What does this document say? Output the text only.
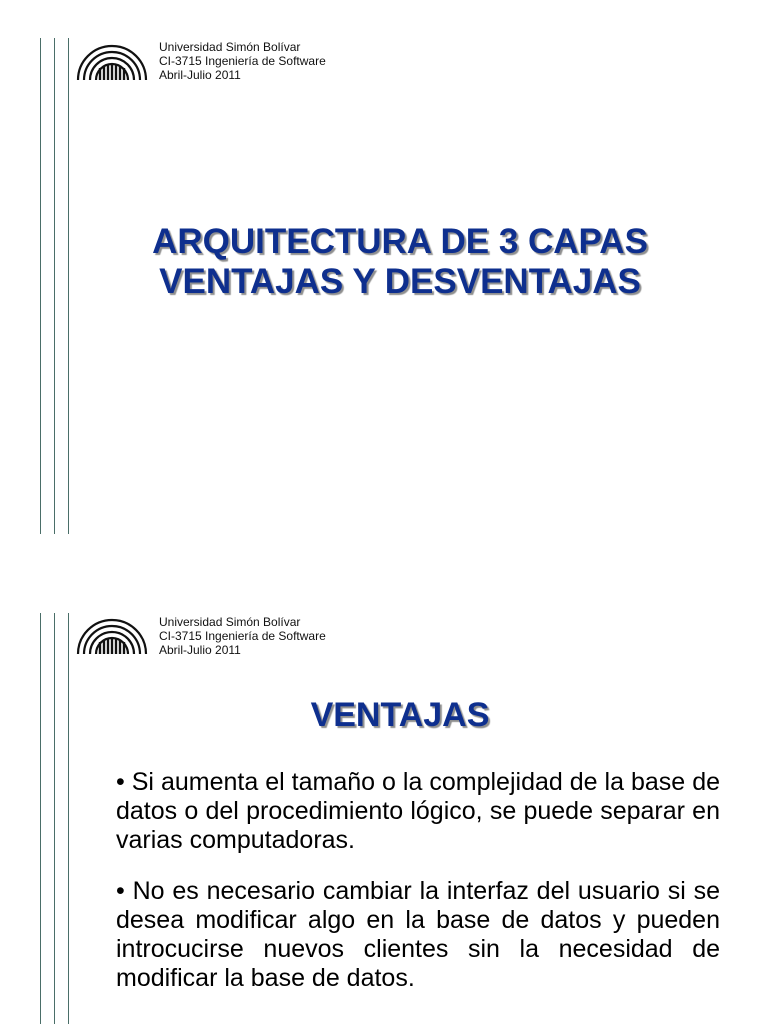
Universidad Simón Bolívar
CI-3715 Ingeniería de Software
Abril-Julio 2011
ARQUITECTURA DE 3 CAPAS
VENTAJAS Y DESVENTAJAS
Universidad Simón Bolívar
CI-3715 Ingeniería de Software
Abril-Julio 2011
VENTAJAS

• Si aumenta el tamaño o la complejidad de la base de datos o del procedimiento lógico, se puede separar en varias computadoras.

• No es necesario cambiar la interfaz del usuario si se desea modificar algo en la base de datos y pueden introcucirse nuevos clientes sin la necesidad de modificar la base de datos.
